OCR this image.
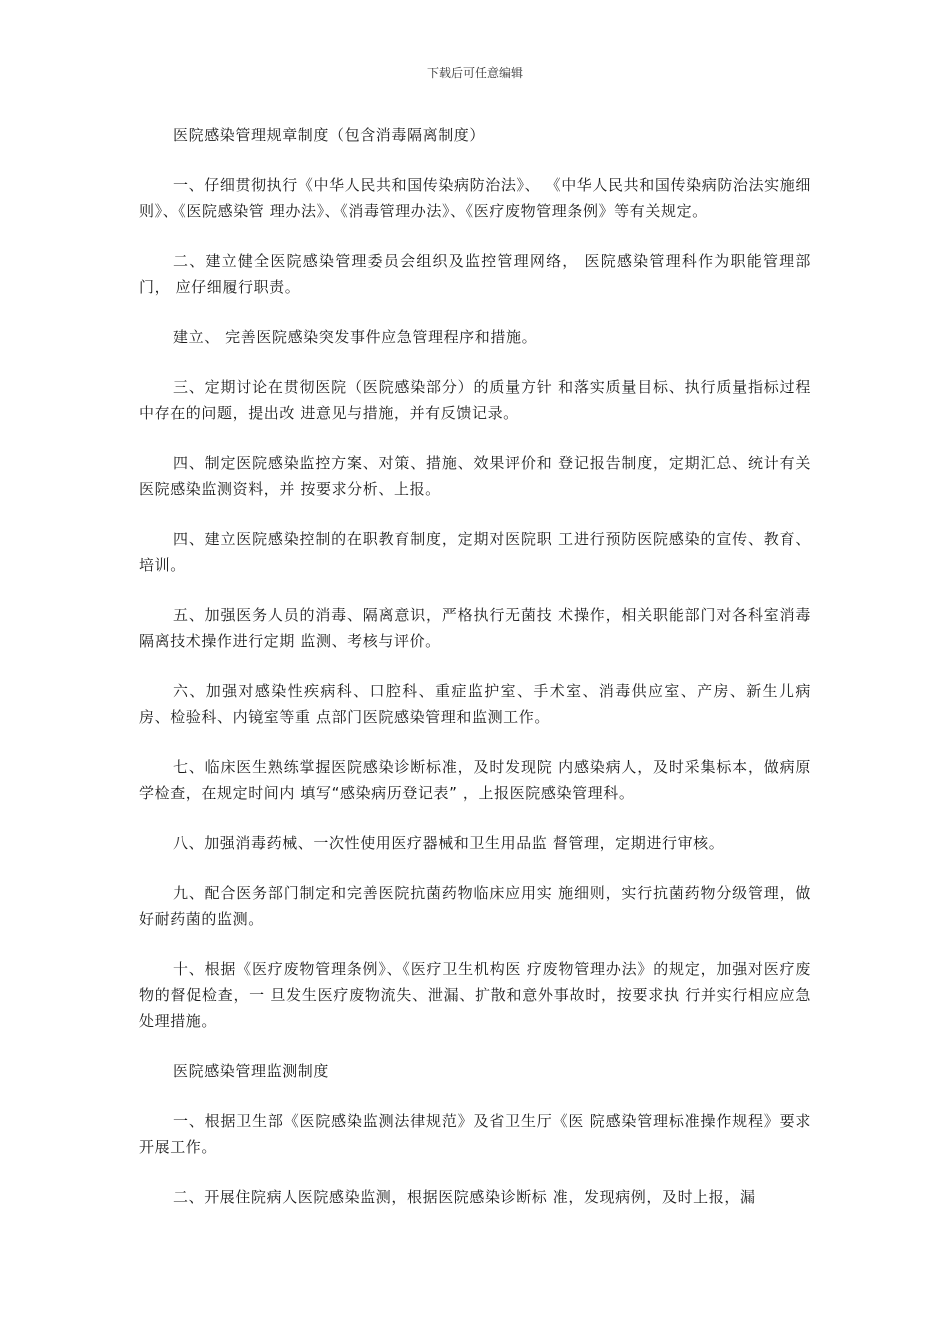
下载后可任意编辑

医院感染管理规章制度（包含消毒隔离制度）

一、仔细贯彻执行《中华人民共和国传染病防治法》、 《中华人民共和国传染病防治法实施细则》、《医院感染管 理办法》、《消毒管理办法》、《医疗废物管理条例》等有关规定。

二、建立健全医院感染管理委员会组织及监控管理网络， 医院感染管理科作为职能管理部门， 应仔细履行职责。

建立、 完善医院感染突发事件应急管理程序和措施。

三、定期讨论在贯彻医院（医院感染部分）的质量方针 和落实质量目标、执行质量指标过程中存在的问题，提出改 进意见与措施，并有反馈记录。

四、制定医院感染监控方案、对策、措施、效果评价和 登记报告制度，定期汇总、统计有关医院感染监测资料，并 按要求分析、上报。

四、建立医院感染控制的在职教育制度，定期对医院职 工进行预防医院感染的宣传、教育、培训。

五、加强医务人员的消毒、隔离意识，严格执行无菌技 术操作，相关职能部门对各科室消毒隔离技术操作进行定期 监测、考核与评价。

六、加强对感染性疾病科、口腔科、重症监护室、手术室、消毒供应室、产房、新生儿病房、检验科、内镜室等重 点部门医院感染管理和监测工作。

七、临床医生熟练掌握医院感染诊断标准，及时发现院 内感染病人，及时采集标本，做病原学检查，在规定时间内 填写“感染病历登记表” ，上报医院感染管理科。

八、加强消毒药械、一次性使用医疗器械和卫生用品监 督管理，定期进行审核。

九、配合医务部门制定和完善医院抗菌药物临床应用实 施细则，实行抗菌药物分级管理，做好耐药菌的监测。

十、根据《医疗废物管理条例》、《医疗卫生机构医 疗废物管理办法》的规定，加强对医疗废物的督促检查，一 旦发生医疗废物流失、泄漏、扩散和意外事故时，按要求执 行并实行相应应急处理措施。

医院感染管理监测制度

一、根据卫生部《医院感染监测法律规范》及省卫生厅《医 院感染管理标准操作规程》要求开展工作。

二、开展住院病人医院感染监测，根据医院感染诊断标 准，发现病例，及时上报，漏
